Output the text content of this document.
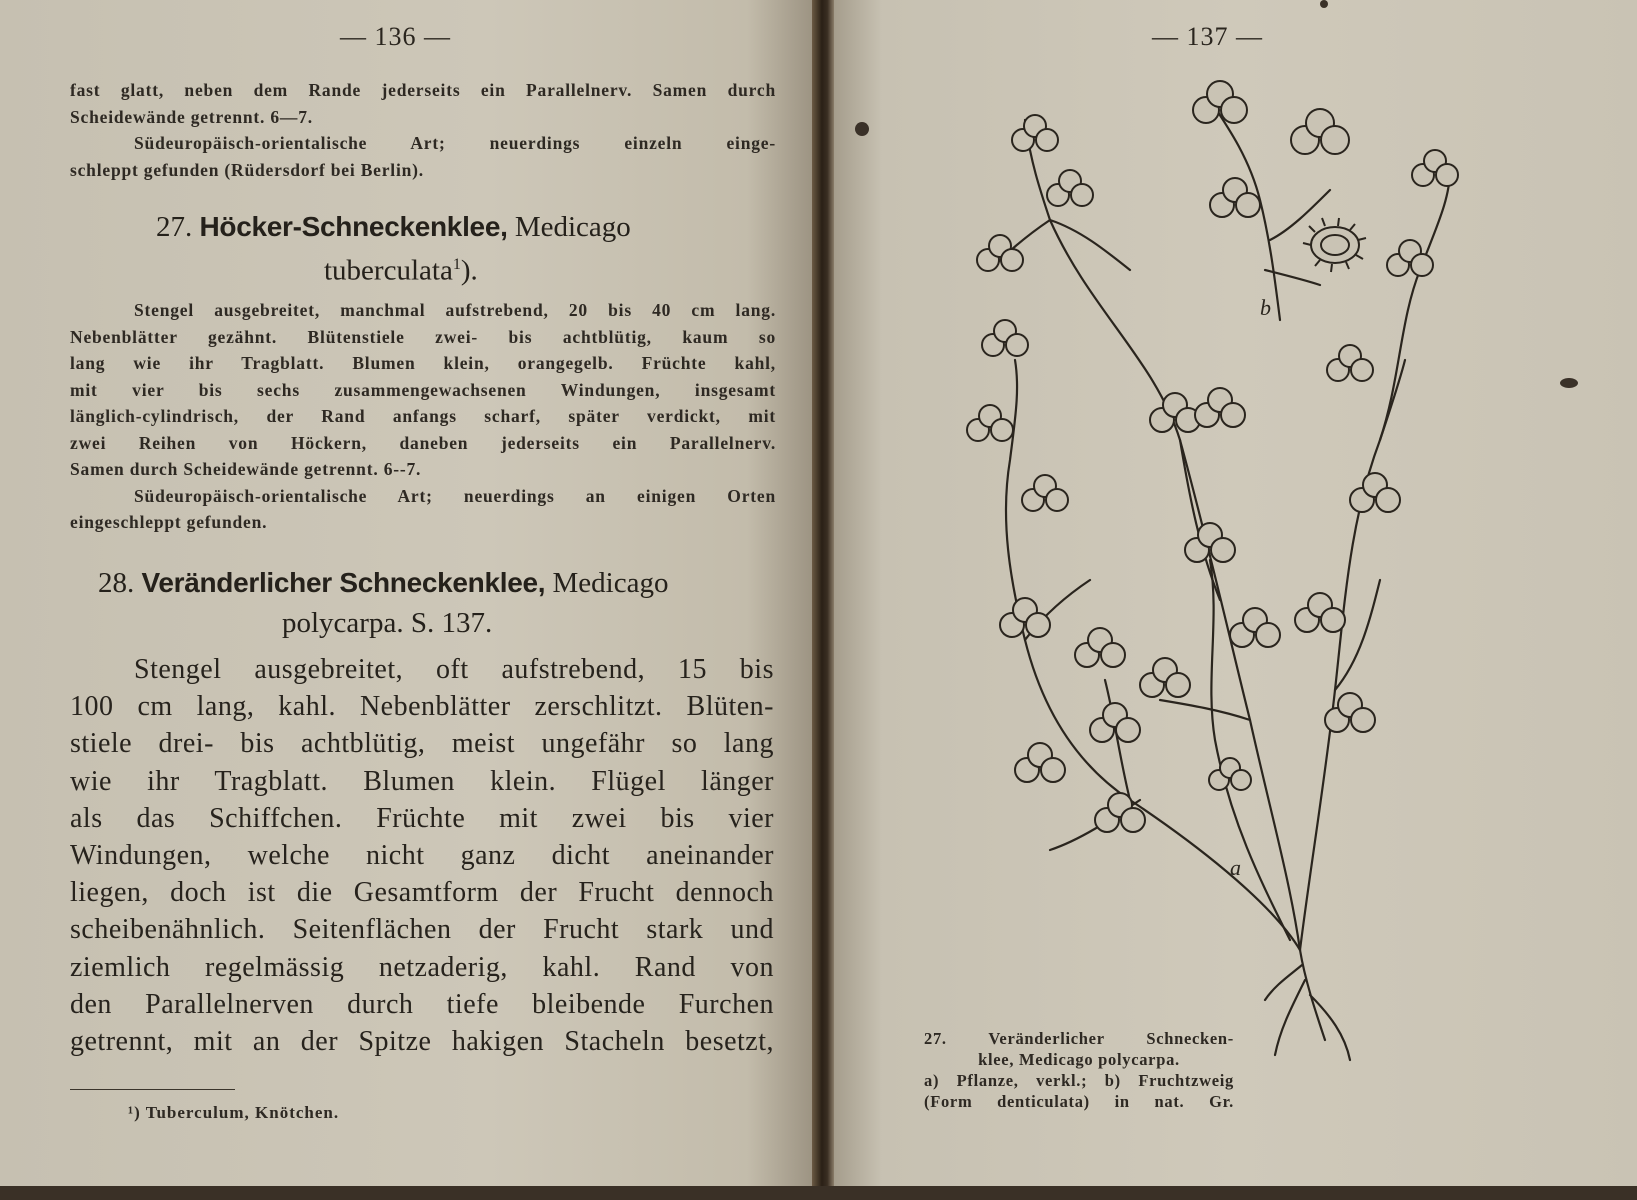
— 136 —
fast glatt, neben dem Rande jederseits ein Parallelnerv. Samen durch
Scheidewände getrennt. 6—7.
Südeuropäisch-orientalische Art; neuerdings einzeln einge-
schleppt gefunden (Rüdersdorf bei Berlin).
27. Höcker-Schneckenklee, Medicago
tuberculata$^1$).
Stengel ausgebreitet, manchmal aufstrebend, 20 bis 40 cm lang.
Nebenblätter gezähnt. Blütenstiele zwei- bis achtblütig, kaum so
lang wie ihr Tragblatt. Blumen klein, orangegelb. Früchte kahl,
mit vier bis sechs zusammengewachsenen Windungen, insgesamt
länglich-cylindrisch, der Rand anfangs scharf, später verdickt, mit
zwei Reihen von Höckern, daneben jederseits ein Parallelnerv.
Samen durch Scheidewände getrennt. 6--7.
Südeuropäisch-orientalische Art; neuerdings an einigen Orten
eingeschleppt gefunden.
28. Veränderlicher Schneckenklee, Medicago
polycarpa. S. 137.
Stengel ausgebreitet, oft aufstrebend, 15 bis
100 cm lang, kahl. Nebenblätter zerschlitzt. Blüten-
stiele drei- bis achtblütig, meist ungefähr so lang
wie ihr Tragblatt. Blumen klein. Flügel länger
als das Schiffchen. Früchte mit zwei bis vier
Windungen, welche nicht ganz dicht aneinander
liegen, doch ist die Gesamtform der Frucht dennoch
scheibenähnlich. Seitenflächen der Frucht stark und
ziemlich regelmässig netzaderig, kahl. Rand von
den Parallelnerven durch tiefe bleibende Furchen
getrennt, mit an der Spitze hakigen Stacheln besetzt,
¹) Tuberculum, Knötchen.
— 137 —
b
a
27. Veränderlicher Schnecken-
klee, Medicago polycarpa.
a) Pflanze, verkl.; b) Fruchtzweig
(Form denticulata) in nat. Gr.
